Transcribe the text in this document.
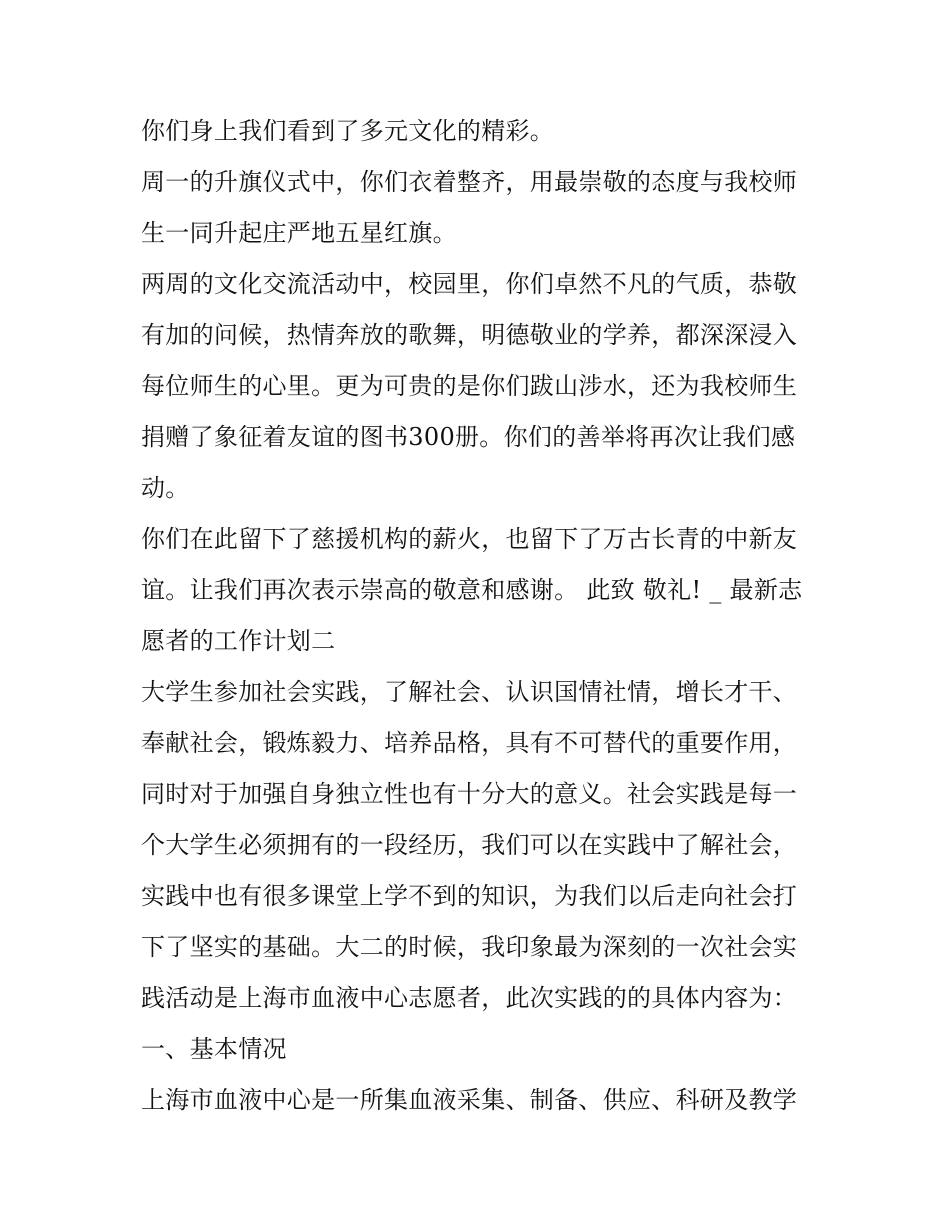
你们身上我们看到了多元文化的精彩。
周一的升旗仪式中，你们衣着整齐，用最崇敬的态度与我校师
生一同升起庄严地五星红旗。
两周的文化交流活动中，校园里，你们卓然不凡的气质，恭敬
有加的问候，热情奔放的歌舞，明德敬业的学养，都深深浸入
每位师生的心里。更为可贵的是你们跋山涉水，还为我校师生
捐赠了象征着友谊的图书300册。你们的善举将再次让我们感
动。
你们在此留下了慈援机构的薪火，也留下了万古长青的中新友
谊。让我们再次表示崇高的敬意和感谢。 此致 敬礼! _ 最新志
愿者的工作计划二
大学生参加社会实践，了解社会、认识国情社情，增长才干、
奉献社会，锻炼毅力、培养品格，具有不可替代的重要作用，
同时对于加强自身独立性也有十分大的意义。社会实践是每一
个大学生必须拥有的一段经历，我们可以在实践中了解社会，
实践中也有很多课堂上学不到的知识，为我们以后走向社会打
下了坚实的基础。大二的时候，我印象最为深刻的一次社会实
践活动是上海市血液中心志愿者，此次实践的的具体内容为：
一、基本情况
上海市血液中心是一所集血液采集、制备、供应、科研及教学
